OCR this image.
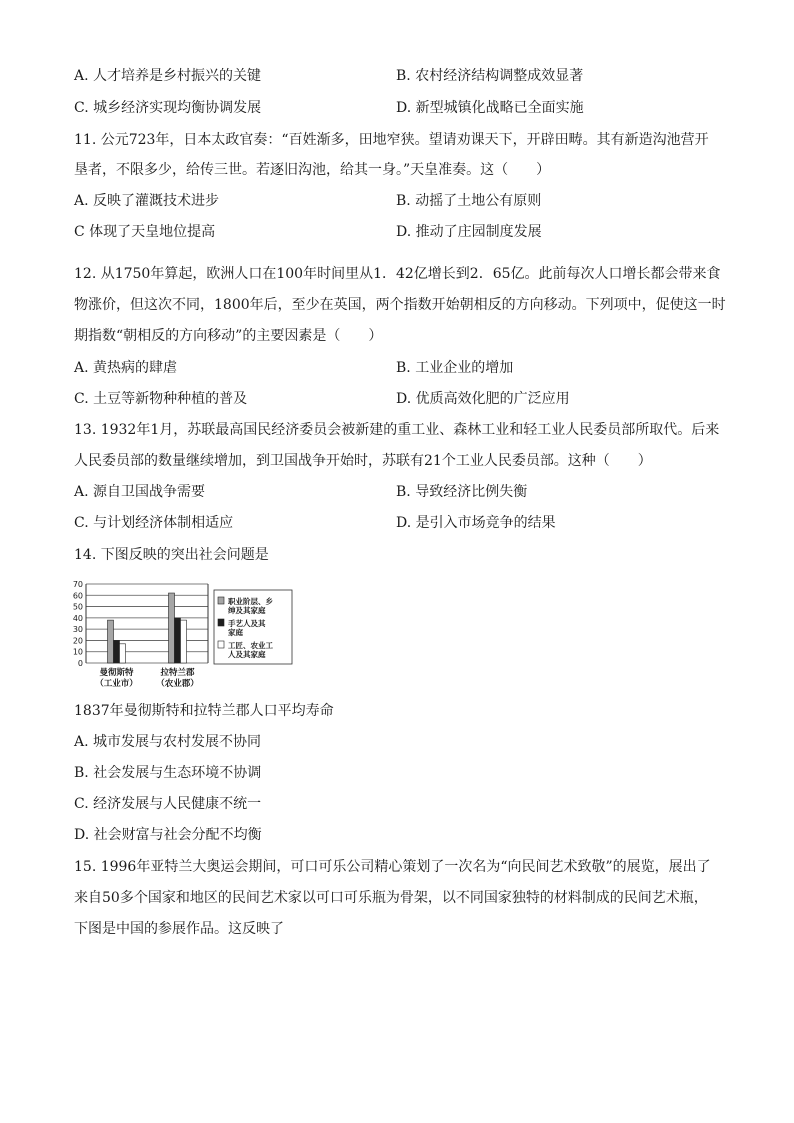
A. 人才培养是乡村振兴的关键	B. 农村经济结构调整成效显著
C. 城乡经济实现均衡协调发展	D. 新型城镇化战略已全面实施
11. 公元723年，日本太政官奏：“百姓渐多，田地窄狭。望请劝课天下，开辟田畴。其有新造沟池营开
垦者，不限多少，给传三世。若逐旧沟池，给其一身。”天皇准奏。这（　　）
A. 反映了灌溉技术进步	B. 动摇了土地公有原则
C 体现了天皇地位提高	D. 推动了庄园制度发展
12. 从1750年算起，欧洲人口在100年时间里从1．42亿增长到2．65亿。此前每次人口增长都会带来食
物涨价，但这次不同，1800年后，至少在英国，两个指数开始朝相反的方向移动。下列项中，促使这一时
期指数“朝相反的方向移动”的主要因素是（　　）
A. 黄热病的肆虐	B. 工业企业的增加
C. 土豆等新物种种植的普及	D. 优质高效化肥的广泛应用
13. 1932年1月，苏联最高国民经济委员会被新建的重工业、森林工业和轻工业人民委员部所取代。后来
人民委员部的数量继续增加，到卫国战争开始时，苏联有21个工业人民委员部。这种（　　）
A. 源自卫国战争需要	B. 导致经济比例失衡
C. 与计划经济体制相适应	D. 是引入市场竞争的结果
14. 下图反映的突出社会问题是
0
10
20
30
40
50
60
70
曼彻斯特
（工业市）
拉特兰郡
（农业郡）
职业阶层、乡
绅及其家庭
手艺人及其
家庭
工匠、农业工
人及其家庭
1837年曼彻斯特和拉特兰郡人口平均寿命
A. 城市发展与农村发展不协同
B. 社会发展与生态环境不协调
C. 经济发展与人民健康不统一
D. 社会财富与社会分配不均衡
15. 1996年亚特兰大奥运会期间，可口可乐公司精心策划了一次名为“向民间艺术致敬”的展览，展出了
来自50多个国家和地区的民间艺术家以可口可乐瓶为骨架，以不同国家独特的材料制成的民间艺术瓶，
下图是中国的参展作品。这反映了
